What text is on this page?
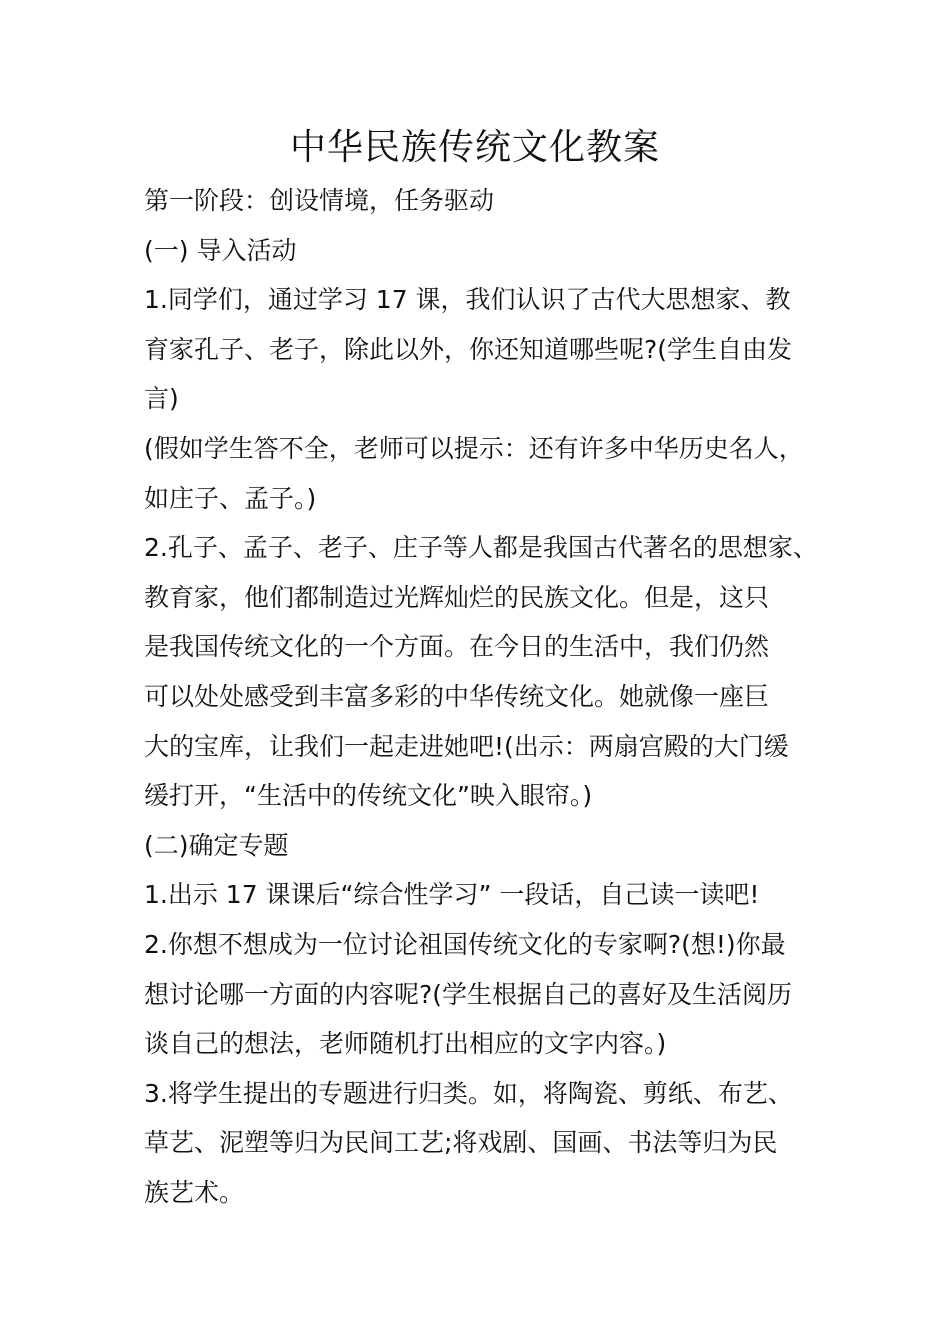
中华民族传统文化教案
第一阶段：创设情境，任务驱动
(一) 导入活动
1.同学们，通过学习 17 课，我们认识了古代大思想家、教
育家孔子、老子，除此以外，你还知道哪些呢?(学生自由发
言)
(假如学生答不全，老师可以提示：还有许多中华历史名人，
如庄子、孟子。)
2.孔子、孟子、老子、庄子等人都是我国古代著名的思想家、
教育家，他们都制造过光辉灿烂的民族文化。但是，这只
是我国传统文化的一个方面。在今日的生活中，我们仍然
可以处处感受到丰富多彩的中华传统文化。她就像一座巨
大的宝库，让我们一起走进她吧!(出示：两扇宫殿的大门缓
缓打开，“生活中的传统文化”映入眼帘。)
(二)确定专题
1.出示 17 课课后“综合性学习” 一段话，自己读一读吧!
2.你想不想成为一位讨论祖国传统文化的专家啊?(想!)你最
想讨论哪一方面的内容呢?(学生根据自己的喜好及生活阅历
谈自己的想法，老师随机打出相应的文字内容。)
3.将学生提出的专题进行归类。如，将陶瓷、剪纸、布艺、
草艺、泥塑等归为民间工艺;将戏剧、国画、书法等归为民
族艺术。
